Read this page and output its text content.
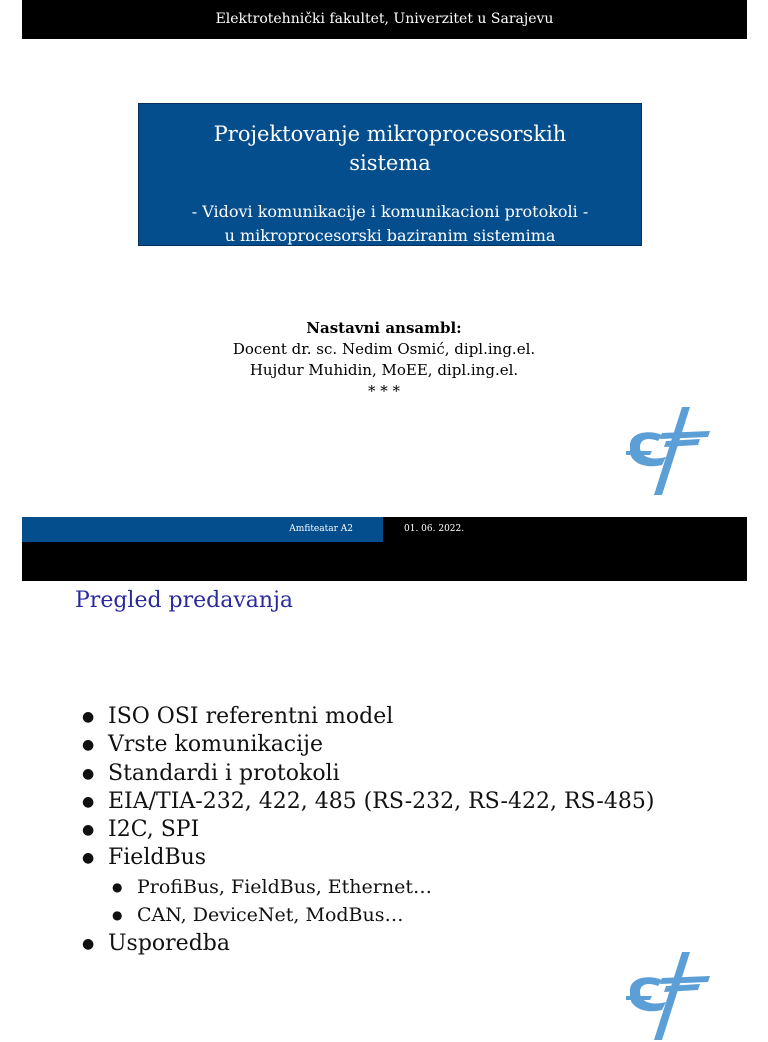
Elektrotehnički fakultet, Univerzitet u Sarajevu
Projektovanje mikroprocesorskih
sistema
- Vidovi komunikacije i komunikacioni protokoli -
u mikroprocesorski baziranim sistemima
Nastavni ansambl:
Docent dr. sc. Nedim Osmić, dipl.ing.el.
Hujdur Muhidin, MoEE, dipl.ing.el.
* * *
Amfiteatar A2	01. 06. 2022.
Pregled predavanja
● ISO OSI referentni model
● Vrste komunikacije
● Standardi i protokoli
● EIA/TIA-232, 422, 485 (RS-232, RS-422, RS-485)
● I2C, SPI
● FieldBus
● ProfiBus, FieldBus, Ethernet…
● CAN, DeviceNet, ModBus…
● Usporedba
